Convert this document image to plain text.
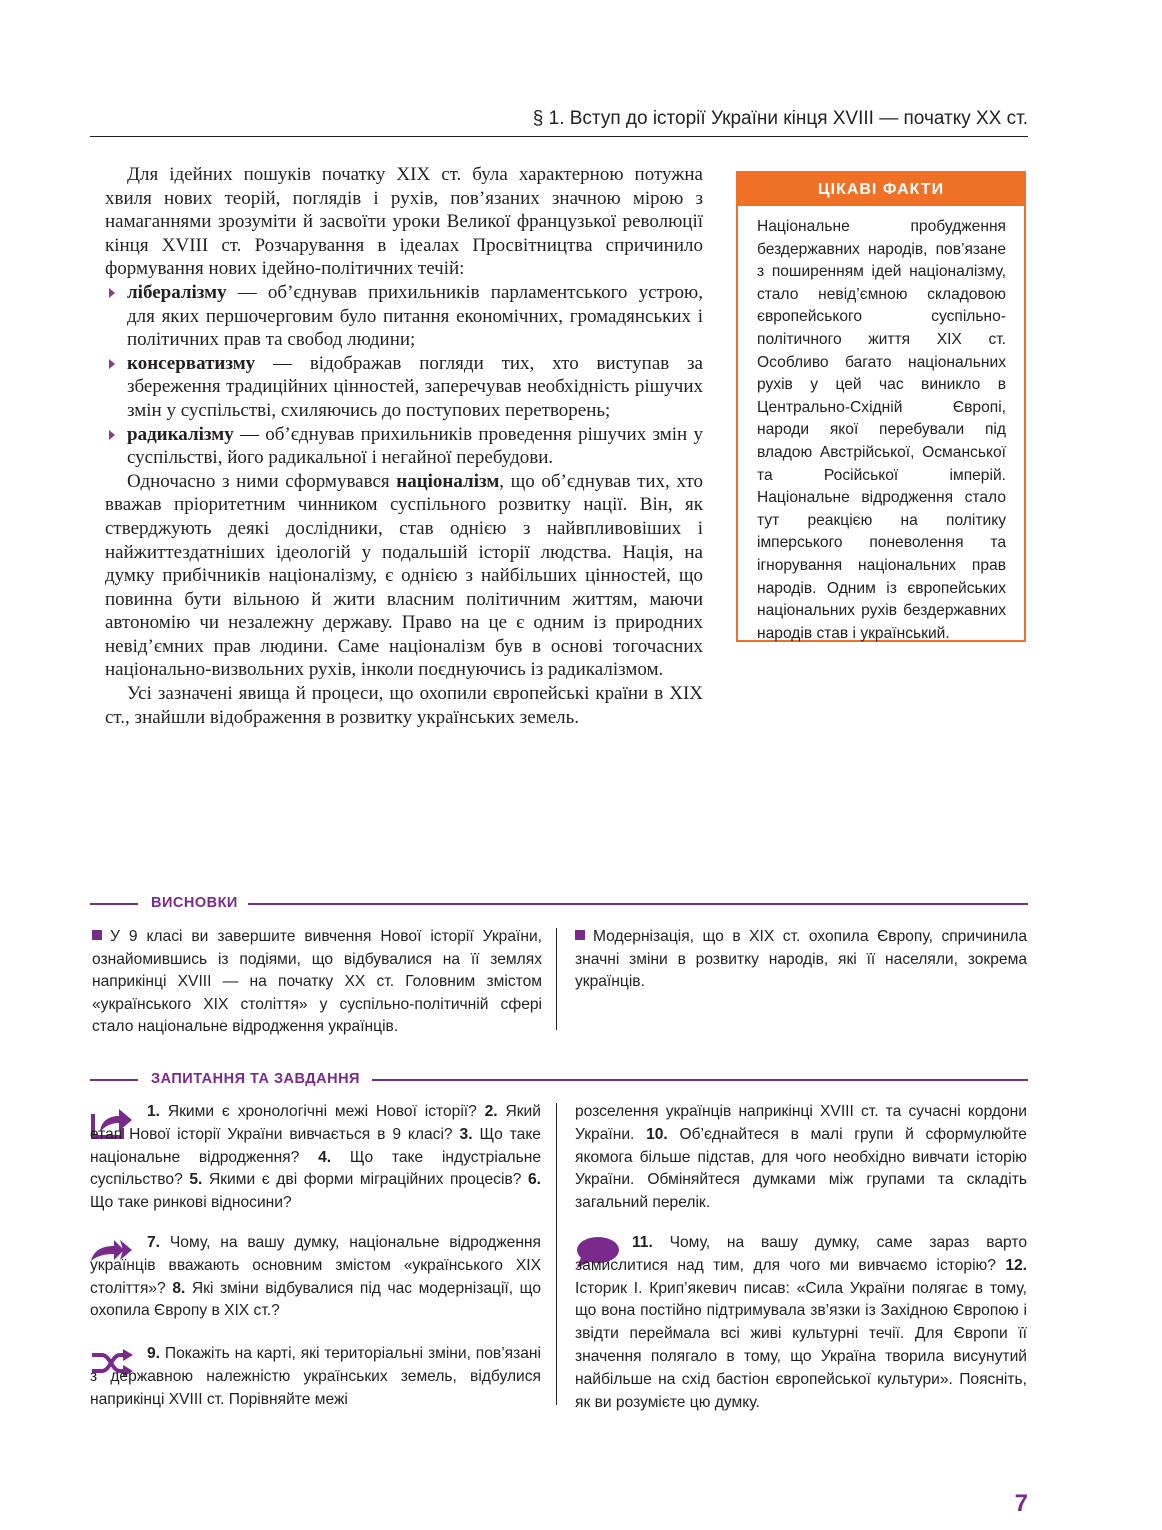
§ 1. Вступ до історії України кінця XVIII — початку XX ст.

Для ідейних пошуків початку XIX ст. була характерною потужна хвиля нових теорій, поглядів і рухів, пов’язаних значною мірою з намаганнями зрозуміти й засвоїти уроки Великої французької революції кінця XVIII ст. Розчарування в ідеалах Просвітництва спричинило формування нових ідейно-політичних течій:

лібералізму — об’єднував прихильників парламентського устрою, для яких першочерговим було питання економічних, громадянських і політичних прав та свобод людини;

консерватизму — відображав погляди тих, хто виступав за збереження традиційних цінностей, заперечував необхідність рішучих змін у суспільстві, схиляючись до поступових перетворень;

радикалізму — об’єднував прихильників проведення рішучих змін у суспільстві, його радикальної і негайної перебудови.

Одночасно з ними сформувався націоналізм, що об’єднував тих, хто вважав пріоритетним чинником суспільного розвитку нації. Він, як стверджують деякі дослідники, став однією з найвпливовіших і найжиттездатніших ідеологій у подальшій історії людства. Нація, на думку прибічників націоналізму, є однією з найбільших цінностей, що повинна бути вільною й жити власним політичним життям, маючи автономію чи незалежну державу. Право на це є одним із природних невід’ємних прав людини. Саме націоналізм був в основі тогочасних національно-визвольних рухів, інколи поєднуючись із радикалізмом.

Усі зазначені явища й процеси, що охопили європейські країни в XIX ст., знайшли відображення в розвитку українських земель.

ЦІКАВІ ФАКТИ
Національне пробудження бездержавних народів, пов’язане з поширенням ідей націоналізму, стало невід’ємною складовою європейського суспільно-політичного життя XIX ст. Особливо багато національних рухів у цей час виникло в Центрально-Східній Європі, народи якої перебували під владою Австрійської, Османської та Російської імперій. Національне відродження стало тут реакцією на політику імперського поневолення та ігнорування національних прав народів. Одним із європейських національних рухів бездержавних народів став і український.
ВИСНОВКИ
У 9 класі ви завершите вивчення Нової історії України, ознайомившись із подіями, що відбувалися на її землях наприкінці XVIII — на початку XX ст. Головним змістом «українського XIX століття» у суспільно-політичній сфері стало національне відродження українців.
Модернізація, що в XIX ст. охопила Європу, спричинила значні зміни в розвитку народів, які її населяли, зокрема українців.
ЗАПИТАННЯ ТА ЗАВДАННЯ
1. Якими є хронологічні межі Нової історії? 2. Який етап Нової історії України вивчається в 9 класі? 3. Що таке національне відродження? 4. Що таке індустріальне суспільство? 5. Якими є дві форми міграційних процесів? 6. Що таке ринкові відносини?
7. Чому, на вашу думку, національне відродження українців вважають основним змістом «українського XIX століття»? 8. Які зміни відбувалися під час модернізації, що охопила Європу в XIX ст.?
9. Покажіть на карті, які територіальні зміни, пов’язані з державною належністю українських земель, відбулися наприкінці XVIII ст. Порівняйте межі
розселення українців наприкінці XVIII ст. та сучасні кордони України. 10. Об’єднайтеся в малі групи й сформулюйте якомога більше підстав, для чого необхідно вивчати історію України. Обміняйтеся думками між групами та складіть загальний перелік.
11. Чому, на вашу думку, саме зараз варто замислитися над тим, для чого ми вивчаємо історію? 12. Історик І. Крип’якевич писав: «Сила України полягає в тому, що вона постійно підтримувала зв’язки із Західною Європою і звідти переймала всі живі культурні течії. Для Європи її значення полягало в тому, що Україна творила висунутий найбільше на схід бастіон європейської культури». Поясніть, як ви розумієте цю думку.
7
